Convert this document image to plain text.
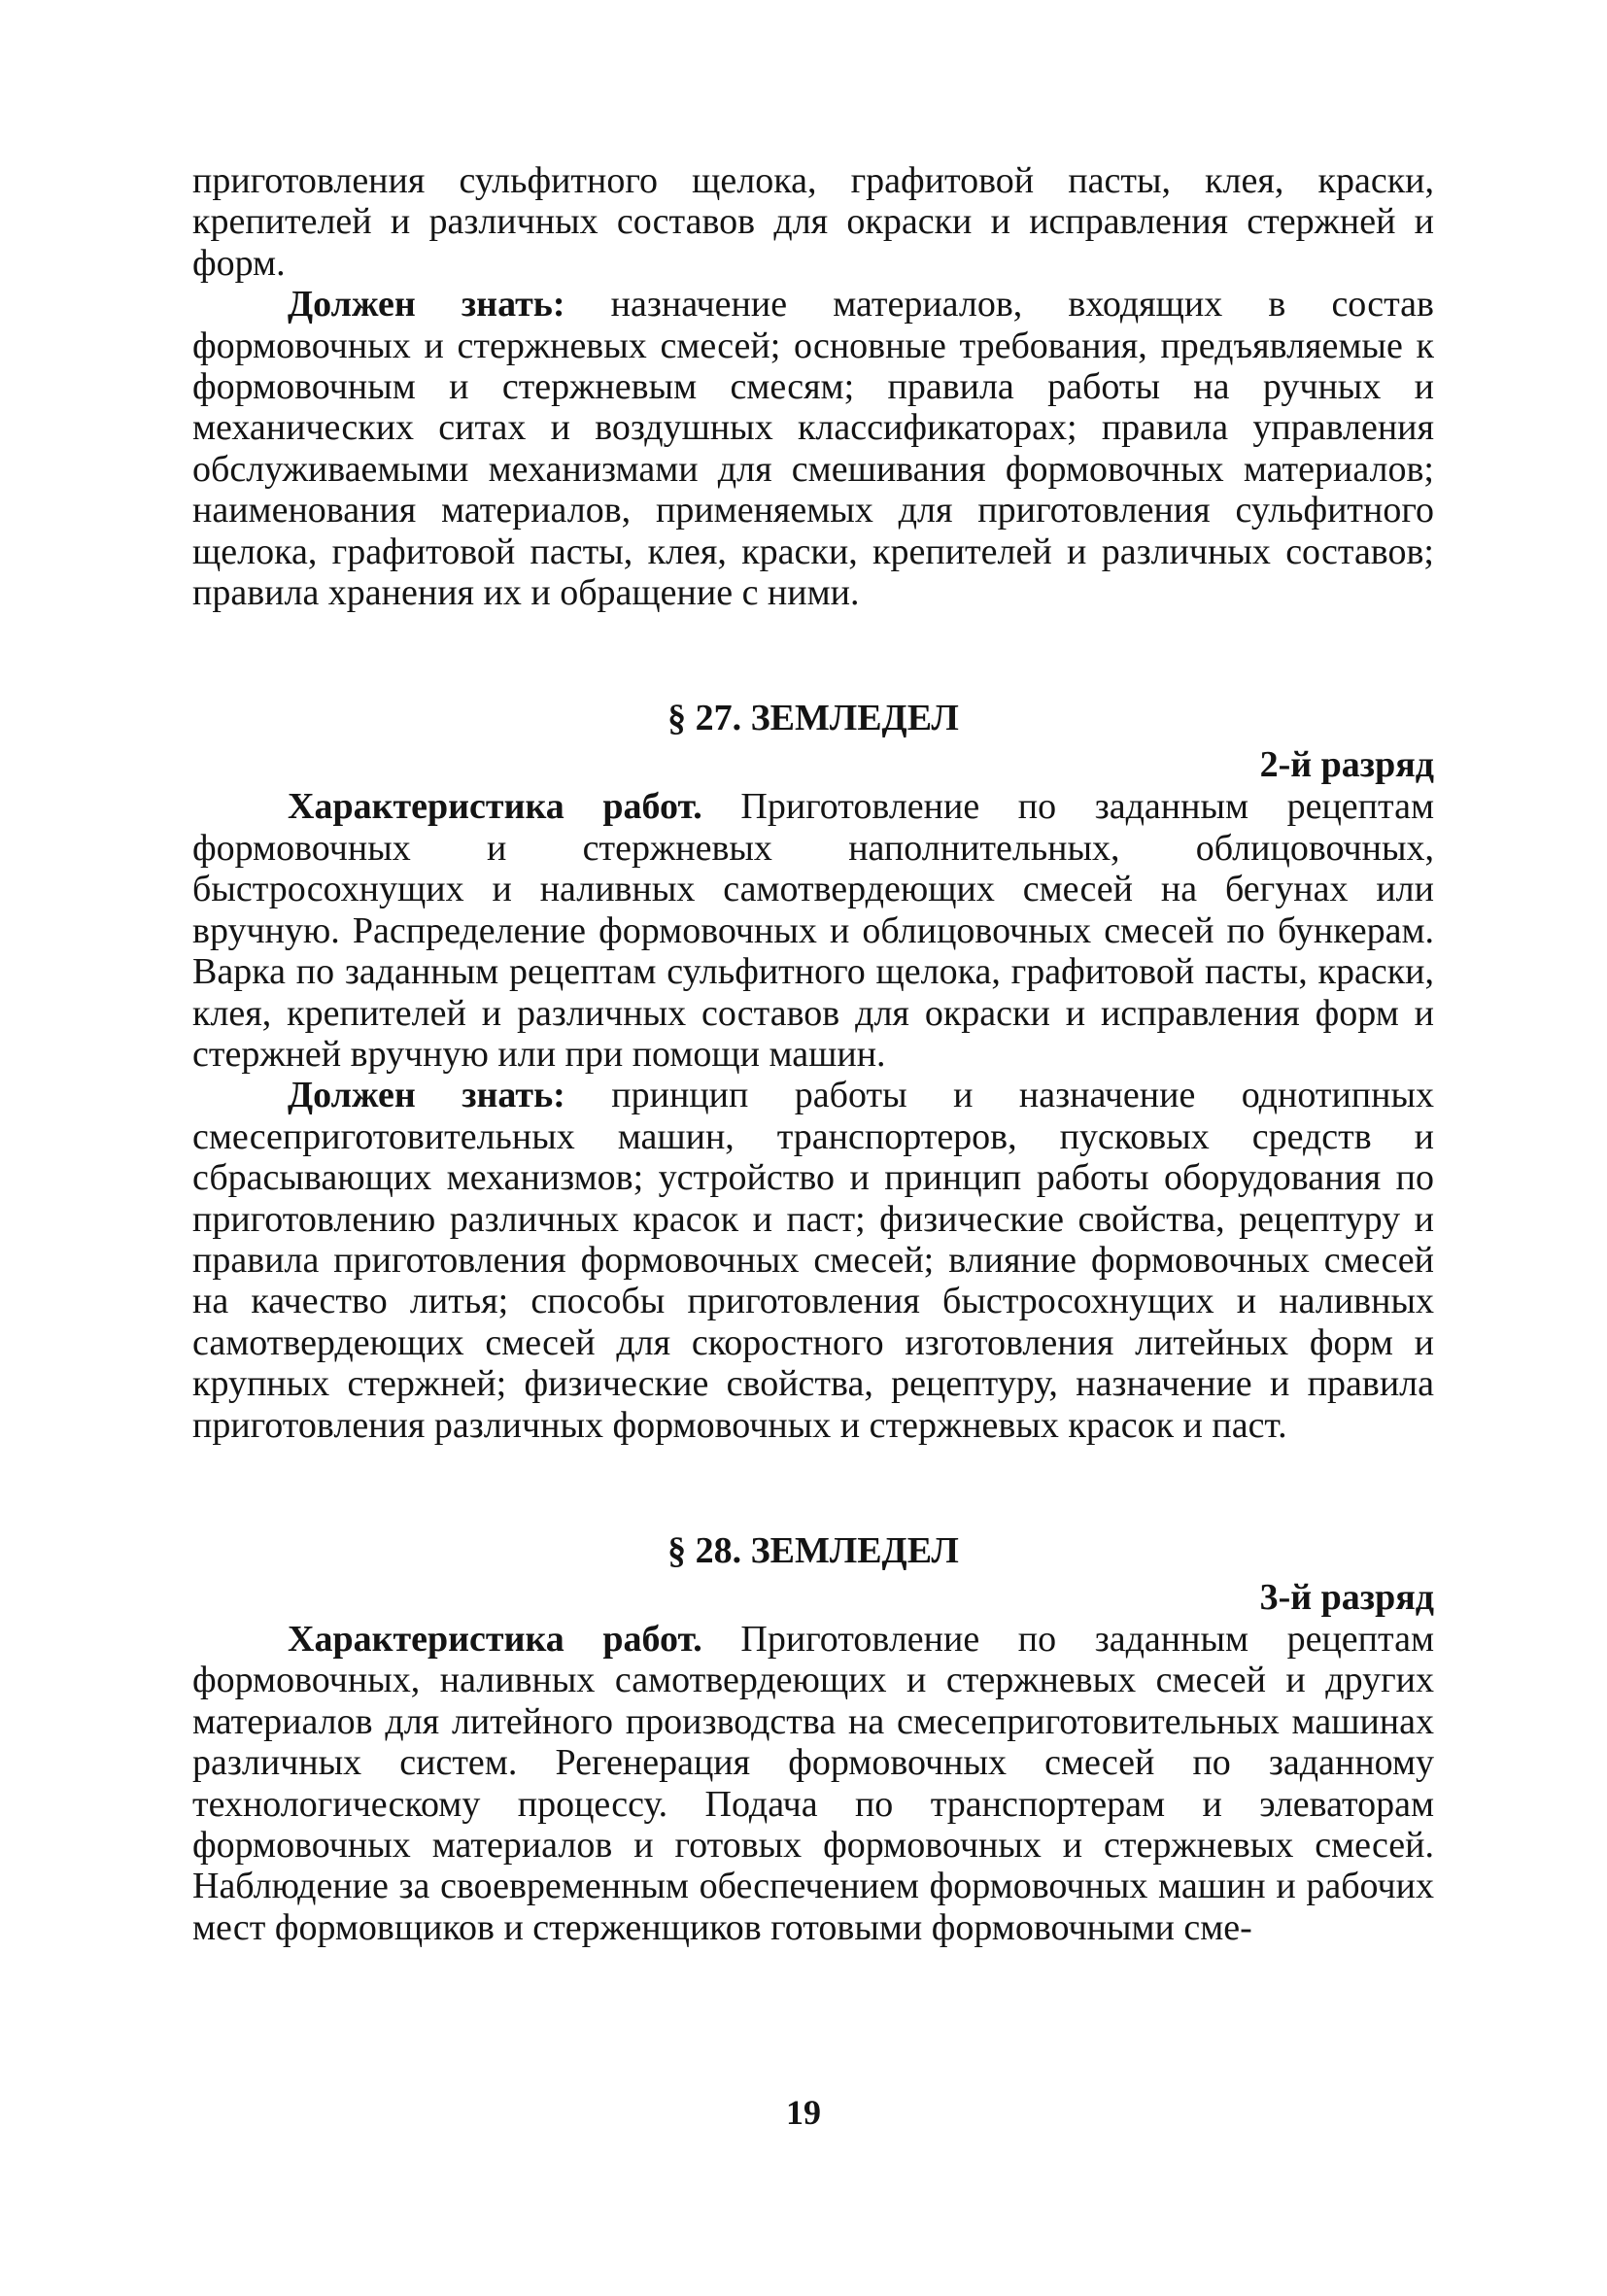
приготовления сульфитного щелока, графитовой пасты, клея, краски, крепителей и различных составов для окраски и исправления стержней и форм.

Должен знать: назначение материалов, входящих в состав формовочных и стержневых смесей; основные требования, предъявляемые к формовочным и стержневым смесям; правила работы на ручных и механических ситах и воздушных классификаторах; правила управления обслуживаемыми механизмами для смешивания формовочных материалов; наименования материалов, применяемых для приготовления сульфитного щелока, графитовой пасты, клея, краски, крепителей и различных составов; правила хранения их и обращение с ними.

§ 27. ЗЕМЛЕДЕЛ
2-й разряд

Характеристика работ. Приготовление по заданным рецептам формовочных и стержневых наполнительных, облицовочных, быстросохнущих и наливных самотвердеющих смесей на бегунах или вручную. Распределение формовочных и облицовочных смесей по бункерам. Варка по заданным рецептам сульфитного щелока, графитовой пасты, краски, клея, крепителей и различных составов для окраски и исправления форм и стержней вручную или при помощи машин.

Должен знать: принцип работы и назначение однотипных смесеприготовительных машин, транспортеров, пусковых средств и сбрасывающих механизмов; устройство и принцип работы оборудования по приготовлению различных красок и паст; физические свойства, рецептуру и правила приготовления формовочных смесей; влияние формовочных смесей на качество литья; способы приготовления быстросохнущих и наливных самотвердеющих смесей для скоростного изготовления литейных форм и крупных стержней; физические свойства, рецептуру, назначение и правила приготовления различных формовочных и стержневых красок и паст.

§ 28. ЗЕМЛЕДЕЛ
3-й разряд

Характеристика работ. Приготовление по заданным рецептам формовочных, наливных самотвердеющих и стержневых смесей и других материалов для литейного производства на смесеприготовительных машинах различных систем. Регенерация формовочных смесей по заданному технологическому процессу. Подача по транспортерам и элеваторам формовочных материалов и готовых формовочных и стержневых смесей. Наблюдение за своевременным обеспечением формовочных машин и рабочих мест формовщиков и стерженщиков готовыми формовочными сме-

19
